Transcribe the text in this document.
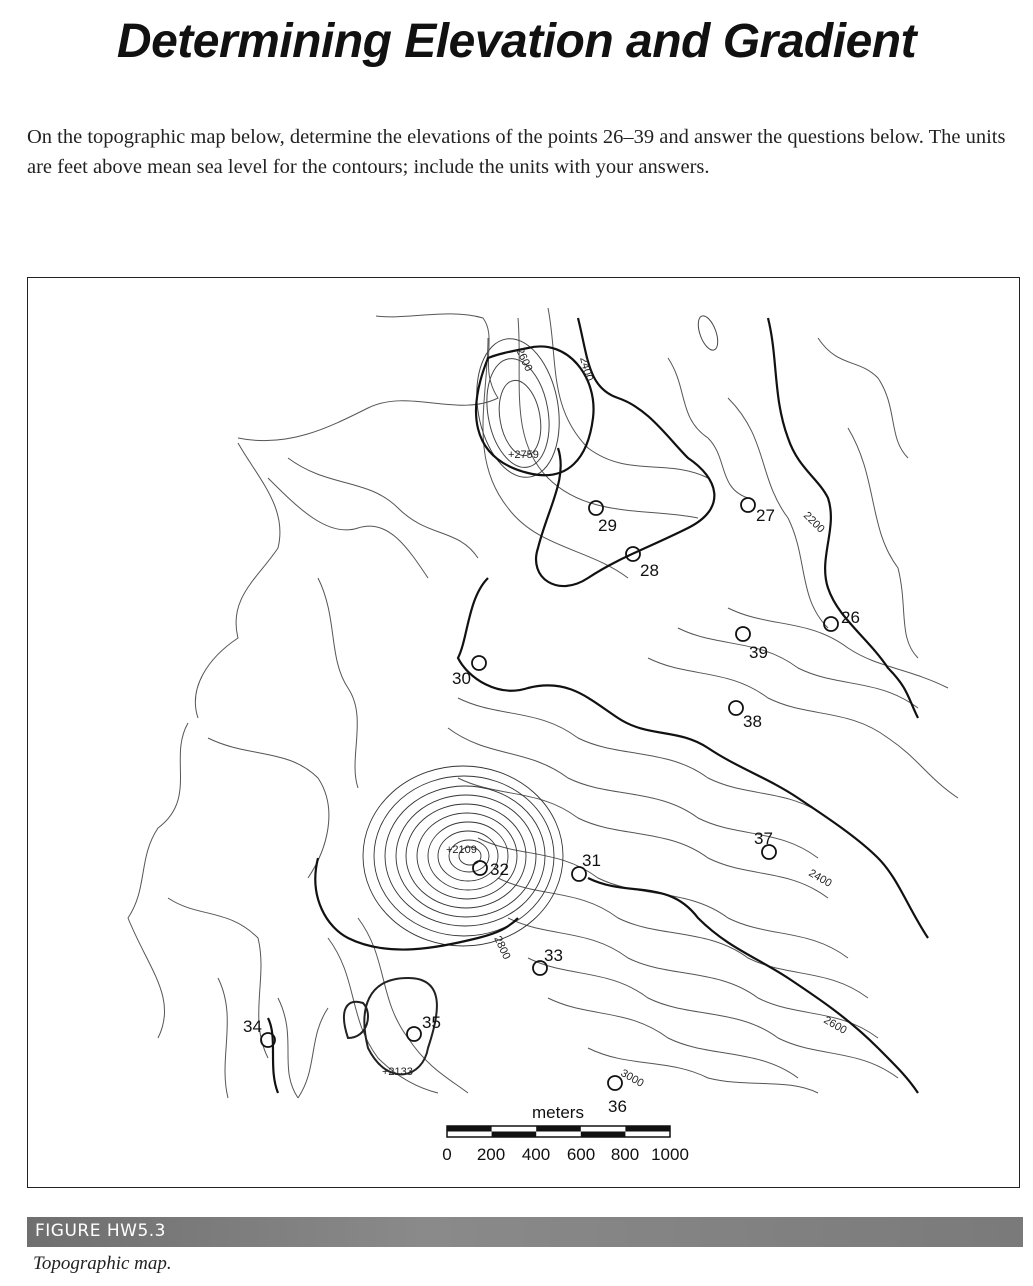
Determining Elevation and Gradient
On the topographic map below, determine the elevations of the points 26–39 and answer the questions below. The units are feet above mean sea level for the contours; include the units with your answers.
26
27
28
29
30
31
32
33
34	35
36
37
38
39
2600	2400
2200
2400
2600
2800
3000
+2759
+2109
+2133
meters
0 200 400 600 800 1000
FIGURE HW5.3
Topographic map.
